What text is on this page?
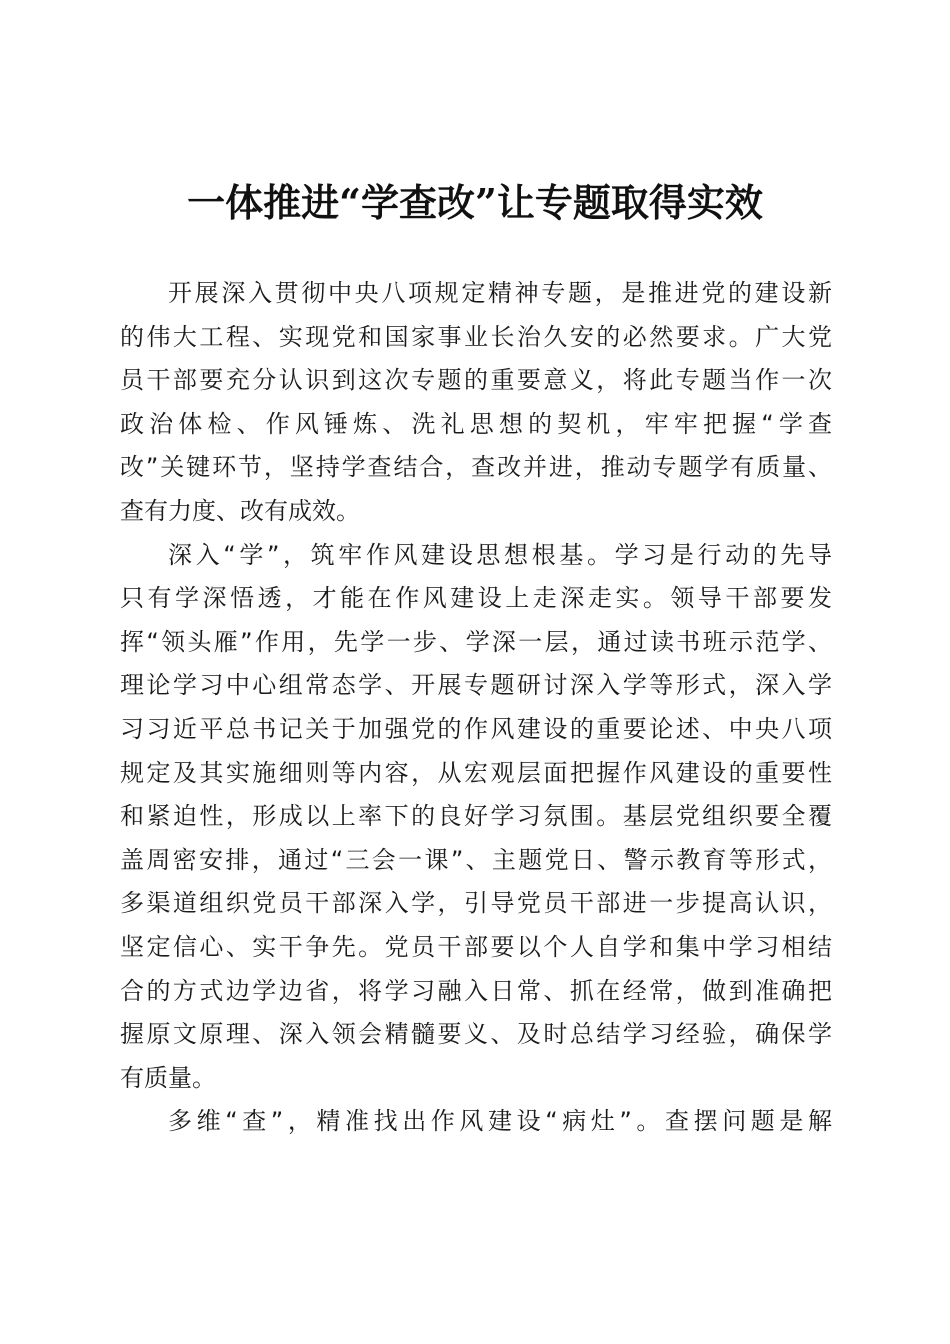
一体推进“学查改”让专题取得实效
开展深入贯彻中央八项规定精神专题，是推进党的建设新
的伟大工程、实现党和国家事业长治久安的必然要求。广大党
员干部要充分认识到这次专题的重要意义，将此专题当作一次
政治体检、作风锤炼、洗礼思想的契机，牢牢把握“学查
改”关键环节，坚持学查结合，查改并进，推动专题学有质量、
查有力度、改有成效。
深入“学”，筑牢作风建设思想根基。学习是行动的先导
只有学深悟透，才能在作风建设上走深走实。领导干部要发
挥“领头雁”作用，先学一步、学深一层，通过读书班示范学、
理论学习中心组常态学、开展专题研讨深入学等形式，深入学
习习近平总书记关于加强党的作风建设的重要论述、中央八项
规定及其实施细则等内容，从宏观层面把握作风建设的重要性
和紧迫性，形成以上率下的良好学习氛围。基层党组织要全覆
盖周密安排，通过“三会一课”、主题党日、警示教育等形式，
多渠道组织党员干部深入学，引导党员干部进一步提高认识，
坚定信心、实干争先。党员干部要以个人自学和集中学习相结
合的方式边学边省，将学习融入日常、抓在经常，做到准确把
握原文原理、深入领会精髓要义、及时总结学习经验，确保学
有质量。
多维“查”，精准找出作风建设“病灶”。查摆问题是解
